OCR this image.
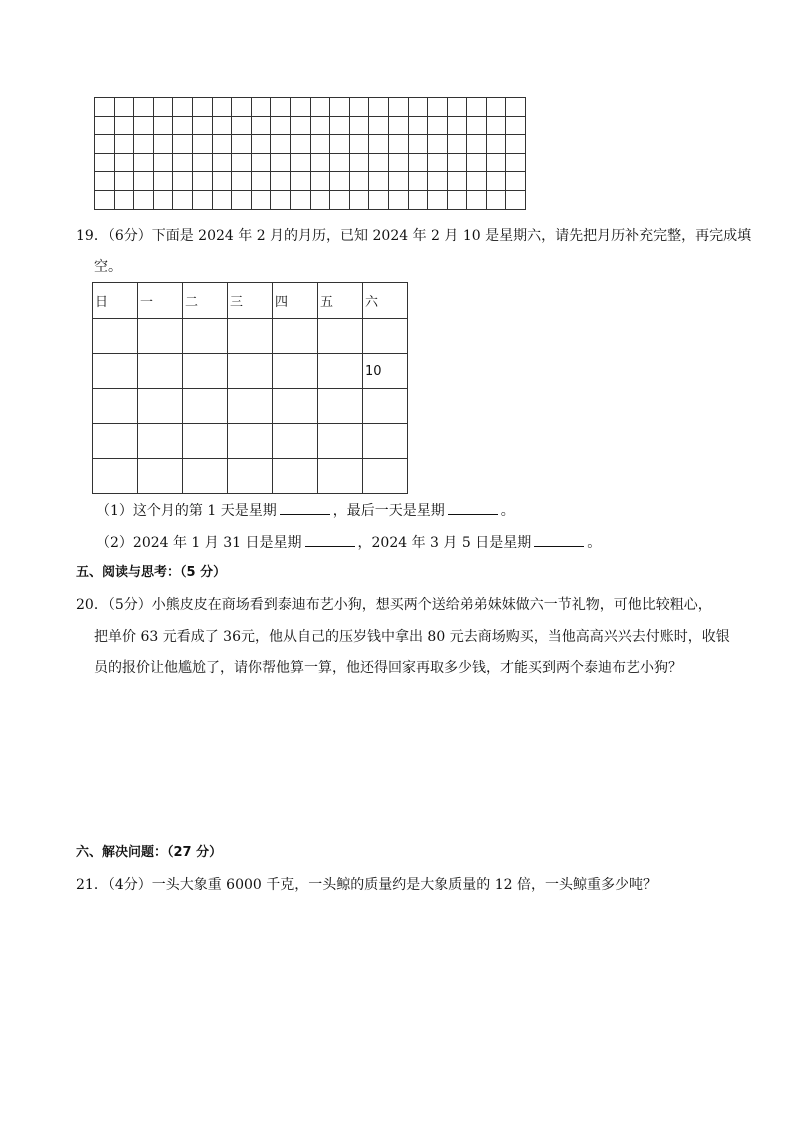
19．（6分）下面是 2024 年 2 月的月历，已知 2024 年 2 月 10 是星期六，请先把月历补充完整，再完成填
空。
日	一	二	三	四	五	六

						10

（1）这个月的第 1 天是星期	，最后一天是星期	。
（2）2024 年 1 月 31 日是星期	，2024 年 3 月 5 日是星期	。
五、阅读与思考：（5 分）
20．（5分）小熊皮皮在商场看到泰迪布艺小狗，想买两个送给弟弟妹妹做六一节礼物，可他比较粗心，
把单价 63 元看成了 36元，他从自己的压岁钱中拿出 80 元去商场购买，当他高高兴兴去付账时，收银
员的报价让他尴尬了，请你帮他算一算，他还得回家再取多少钱，才能买到两个泰迪布艺小狗？
六、解决问题：（27 分）
21．（4分）一头大象重 6000 千克，一头鲸的质量约是大象质量的 12 倍，一头鲸重多少吨？
